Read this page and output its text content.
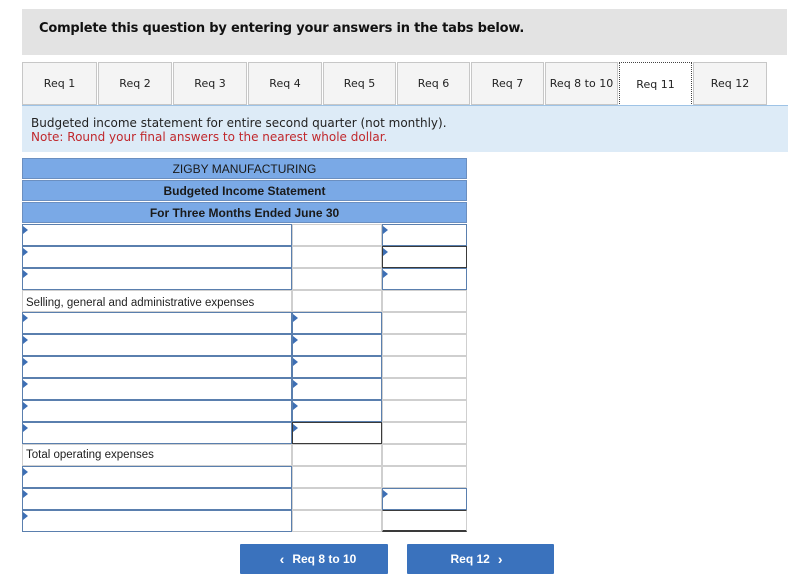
Complete this question by entering your answers in the tabs below.
Req 1	Req 2	Req 3	Req 4	Req 5	Req 6	Req 7	Req 8 to 10	Req 11	Req 12
Budgeted income statement for entire second quarter (not monthly).
Note: Round your final answers to the nearest whole dollar.
ZIGBY MANUFACTURING
Budgeted Income Statement
For Three Months Ended June 30
Selling, general and administrative expenses
Total operating expenses
‹ Req 8 to 10	Req 12 ›
